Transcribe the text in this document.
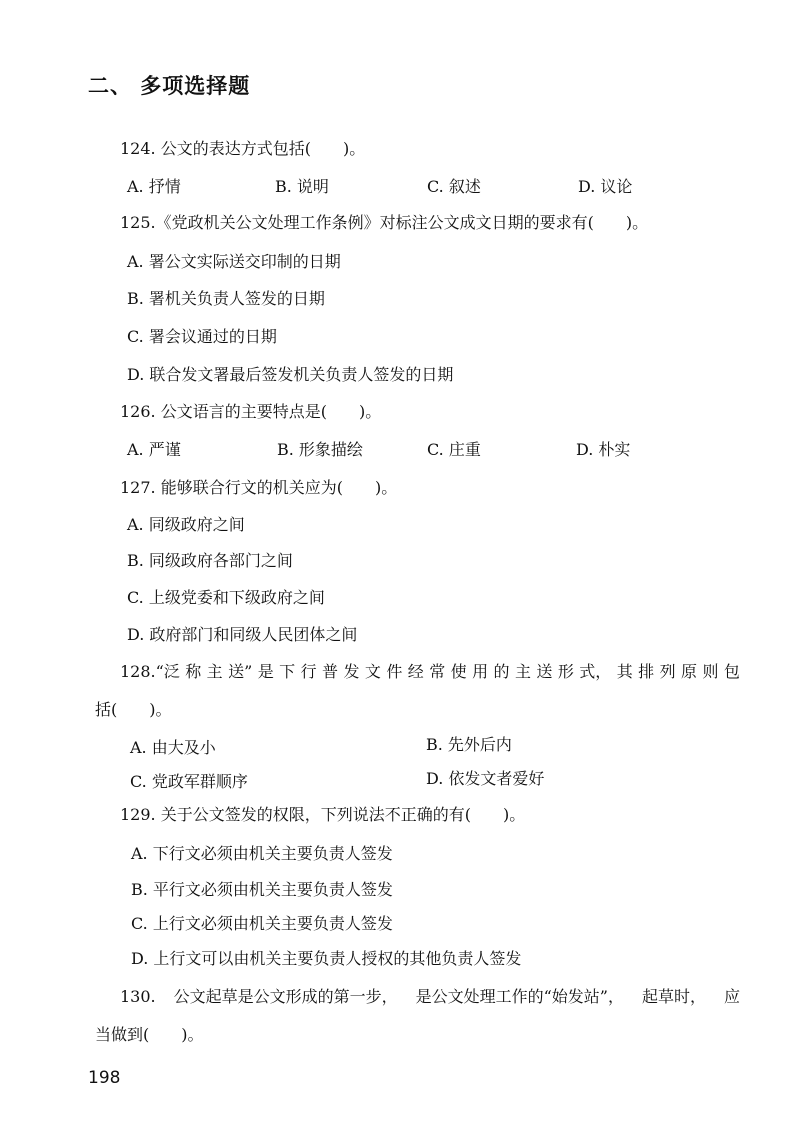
二、 多项选择题
124. 公文的表达方式包括(　　)。
A. 抒情	B. 说明	C. 叙述	D. 议论
125.《党政机关公文处理工作条例》对标注公文成文日期的要求有(　　)。
A. 署公文实际送交印制的日期
B. 署机关负责人签发的日期
C. 署会议通过的日期
D. 联合发文署最后签发机关负责人签发的日期
126. 公文语言的主要特点是(　　)。
A. 严谨	B. 形象描绘	C. 庄重	D. 朴实
127. 能够联合行文的机关应为(　　)。
A. 同级政府之间
B. 同级政府各部门之间
C. 上级党委和下级政府之间
D. 政府部门和同级人民团体之间
128.“泛 称 主 送” 是 下 行 普 发 文 件 经 常 使 用 的 主 送 形 式， 其 排 列 原 则 包
括(　　)。
A. 由大及小	B. 先外后内
C. 党政军群顺序	D. 依发文者爱好
129. 关于公文签发的权限，下列说法不正确的有(　　)。
A. 下行文必须由机关主要负责人签发
B. 平行文必须由机关主要负责人签发
C. 上行文必须由机关主要负责人签发
D. 上行文可以由机关主要负责人授权的其他负责人签发
130. 公文起草是公文形成的第一步， 是公文处理工作的“始发站”， 起草时， 应
当做到(　　)。
198
